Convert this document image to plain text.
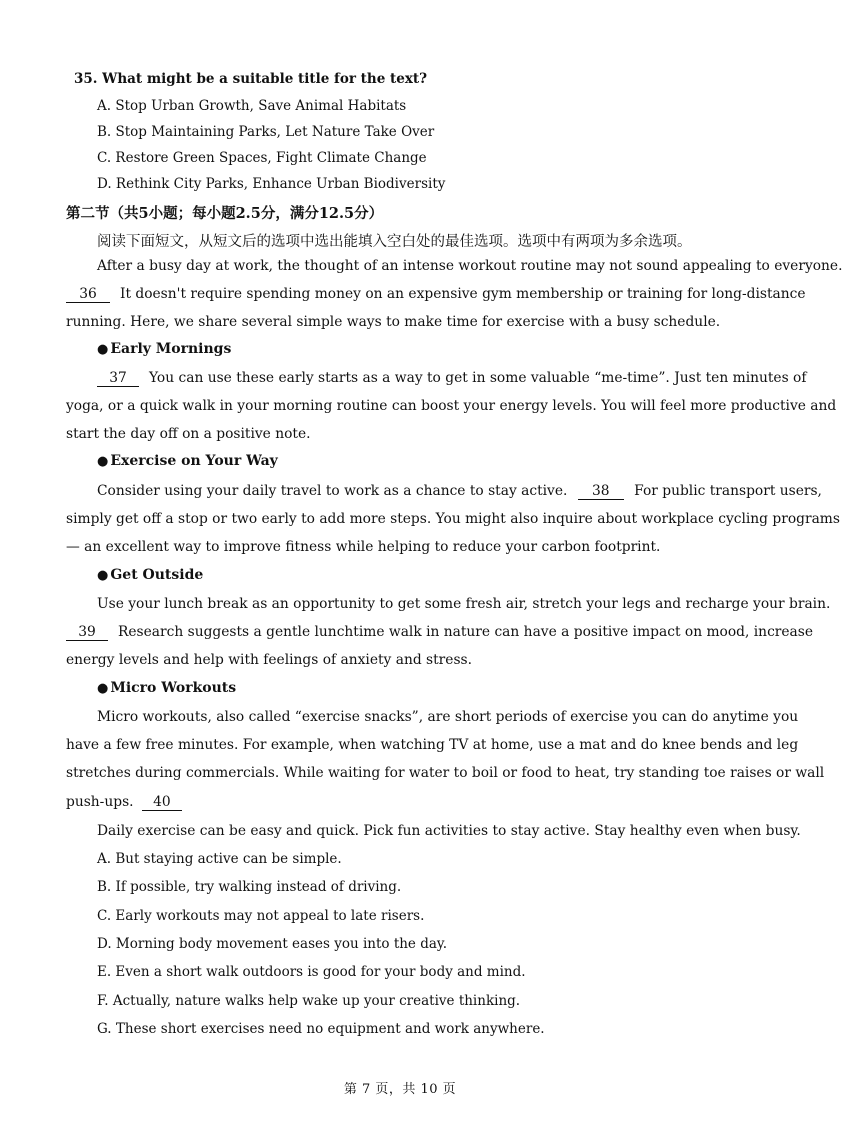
35. What might be a suitable title for the text?
A. Stop Urban Growth, Save Animal Habitats
B. Stop Maintaining Parks, Let Nature Take Over
C. Restore Green Spaces, Fight Climate Change
D. Rethink City Parks, Enhance Urban Biodiversity
第二节（共5小题；每小题2.5分，满分12.5分）
阅读下面短文，从短文后的选项中选出能填入空白处的最佳选项。选项中有两项为多余选项。
After a busy day at work, the thought of an intense workout routine may not sound appealing to everyone.
36 It doesn't require spending money on an expensive gym membership or training for long-distance
running. Here, we share several simple ways to make time for exercise with a busy schedule.
● Early Mornings
37 You can use these early starts as a way to get in some valuable “me-time”. Just ten minutes of
yoga, or a quick walk in your morning routine can boost your energy levels. You will feel more productive and
start the day off on a positive note.
● Exercise on Your Way
Consider using your daily travel to work as a chance to stay active. 38 For public transport users,
simply get off a stop or two early to add more steps. You might also inquire about workplace cycling programs
— an excellent way to improve fitness while helping to reduce your carbon footprint.
● Get Outside
Use your lunch break as an opportunity to get some fresh air, stretch your legs and recharge your brain.
39 Research suggests a gentle lunchtime walk in nature can have a positive impact on mood, increase
energy levels and help with feelings of anxiety and stress.
● Micro Workouts
Micro workouts, also called “exercise snacks”, are short periods of exercise you can do anytime you
have a few free minutes. For example, when watching TV at home, use a mat and do knee bends and leg
stretches during commercials. While waiting for water to boil or food to heat, try standing toe raises or wall
push-ups. 40
Daily exercise can be easy and quick. Pick fun activities to stay active. Stay healthy even when busy.
A. But staying active can be simple.
B. If possible, try walking instead of driving.
C. Early workouts may not appeal to late risers.
D. Morning body movement eases you into the day.
E. Even a short walk outdoors is good for your body and mind.
F. Actually, nature walks help wake up your creative thinking.
G. These short exercises need no equipment and work anywhere.
第 7 页，共 10 页
